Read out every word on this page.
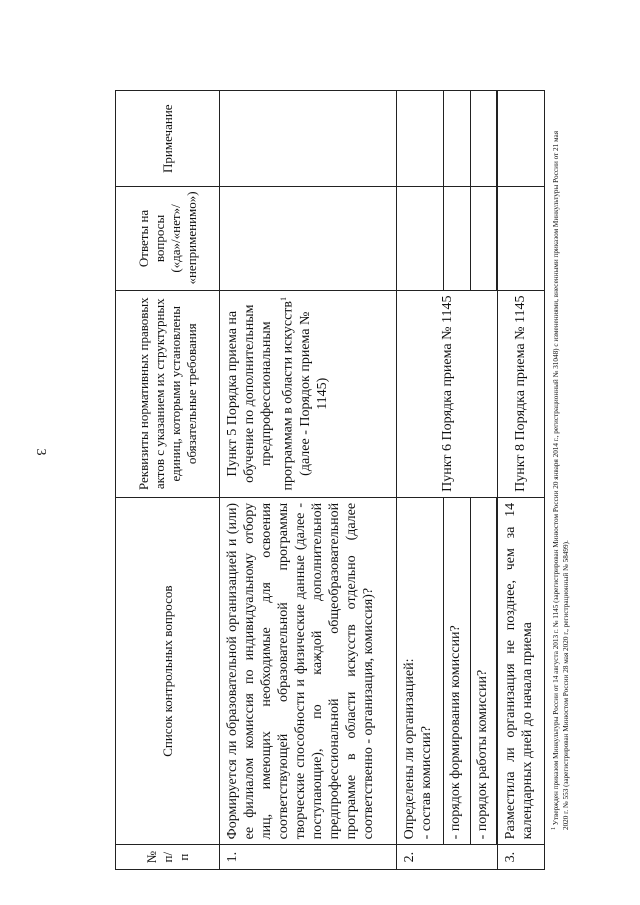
3
№ п/п	Список контрольных вопросов	Реквизиты нормативных правовых актов с указанием их структурных единиц, которыми установлены обязательные требования	Ответы на вопросы («да»/«нет»/ «неприменимо»)	Примечание
1.	Формируется ли образовательной организацией и (или) ее филиалом комиссия по индивидуальному отбору лиц, имеющих необходимые для освоения соответствующей образовательной программы творческие способности и физические данные (далее - поступающие), по каждой дополнительной предпрофессиональной общеобразовательной программе в области искусств отдельно (далее соответственно - организация, комиссия)?	Пункт 5 Порядка приема на обучение по дополнительным предпрофессиональным программам в области искусств$^1$
(далее - Порядок приема № 1145)		
2.	Определены ли организацией: - состав комиссии?	Пункт 6 Порядка приема № 1145		
	- порядок формирования комиссии?			
	- порядок работы комиссии?			

3.	Разместила ли организация не позднее, чем за 14 календарных дней до начала приема	Пункт 8 Порядка приема № 1145		
$^1$ Утвержден приказом Минкультуры России от 14 августа 2013 г. № 1145 (зарегистрирован Минюстом России 20 января 2014 г., регистрационный № 31048) с изменениями, внесенными приказом Минкультуры России от 21 мая 2020 г. № 553 (зарегистрирован Минюстом России 28 мая 2020 г., регистрационный № 58499).
